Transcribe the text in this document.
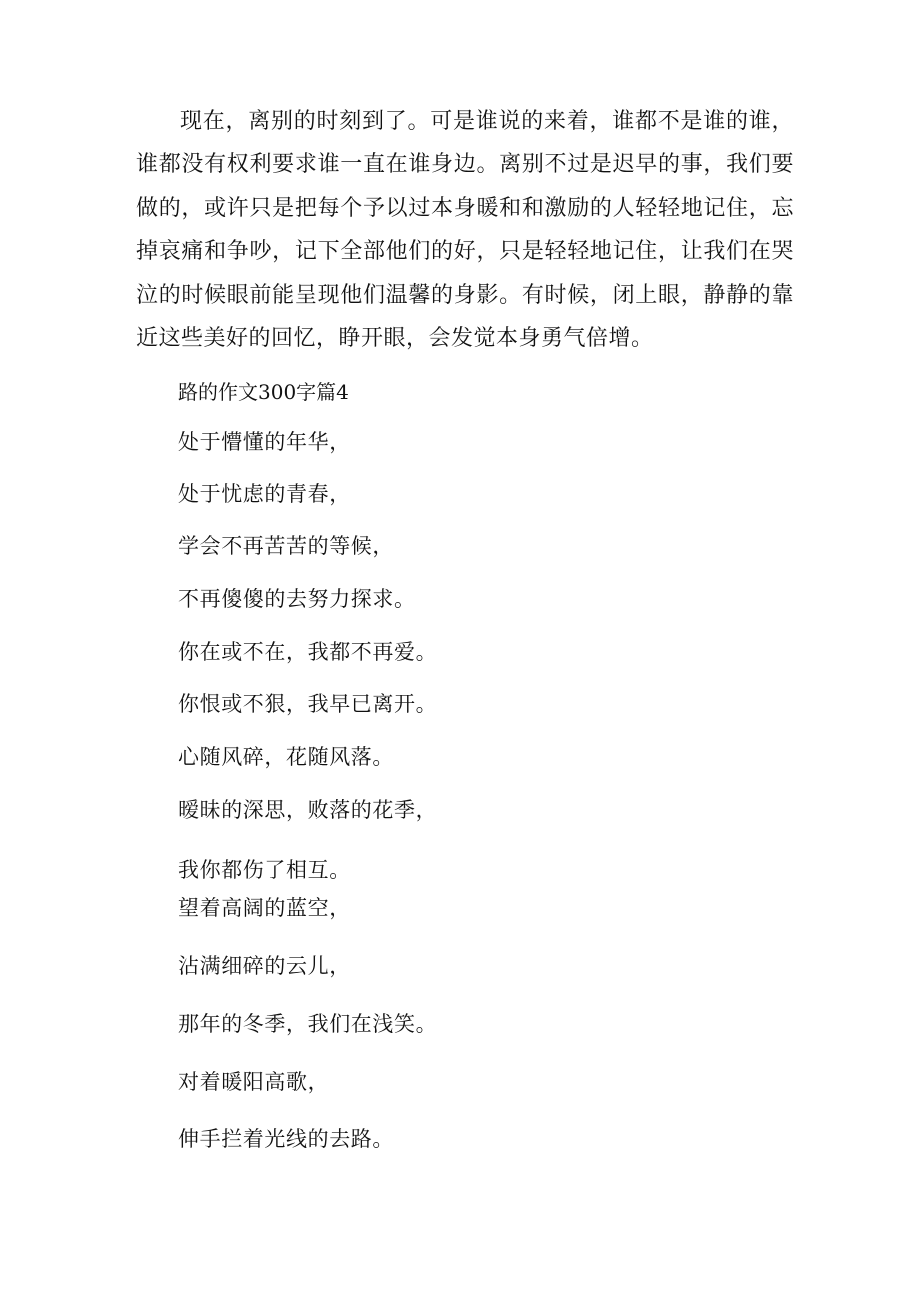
现在，离别的时刻到了。可是谁说的来着，谁都不是谁的谁，谁都没有权利要求谁一直在谁身边。离别不过是迟早的事，我们要做的，或许只是把每个予以过本身暖和和激励的人轻轻地记住，忘掉哀痛和争吵，记下全部他们的好，只是轻轻地记住，让我们在哭泣的时候眼前能呈现他们温馨的身影。有时候，闭上眼，静静的靠近这些美好的回忆，睁开眼，会发觉本身勇气倍增。

路的作文300字篇4

处于懵懂的年华，

处于忧虑的青春，

学会不再苦苦的等候，

不再傻傻的去努力探求。

你在或不在，我都不再爱。

你恨或不狠，我早已离开。

心随风碎，花随风落。

暧昧的深思，败落的花季，

我你都伤了相互。

望着高阔的蓝空，

沾满细碎的云儿，

那年的冬季，我们在浅笑。

对着暖阳高歌，

伸手拦着光线的去路。
